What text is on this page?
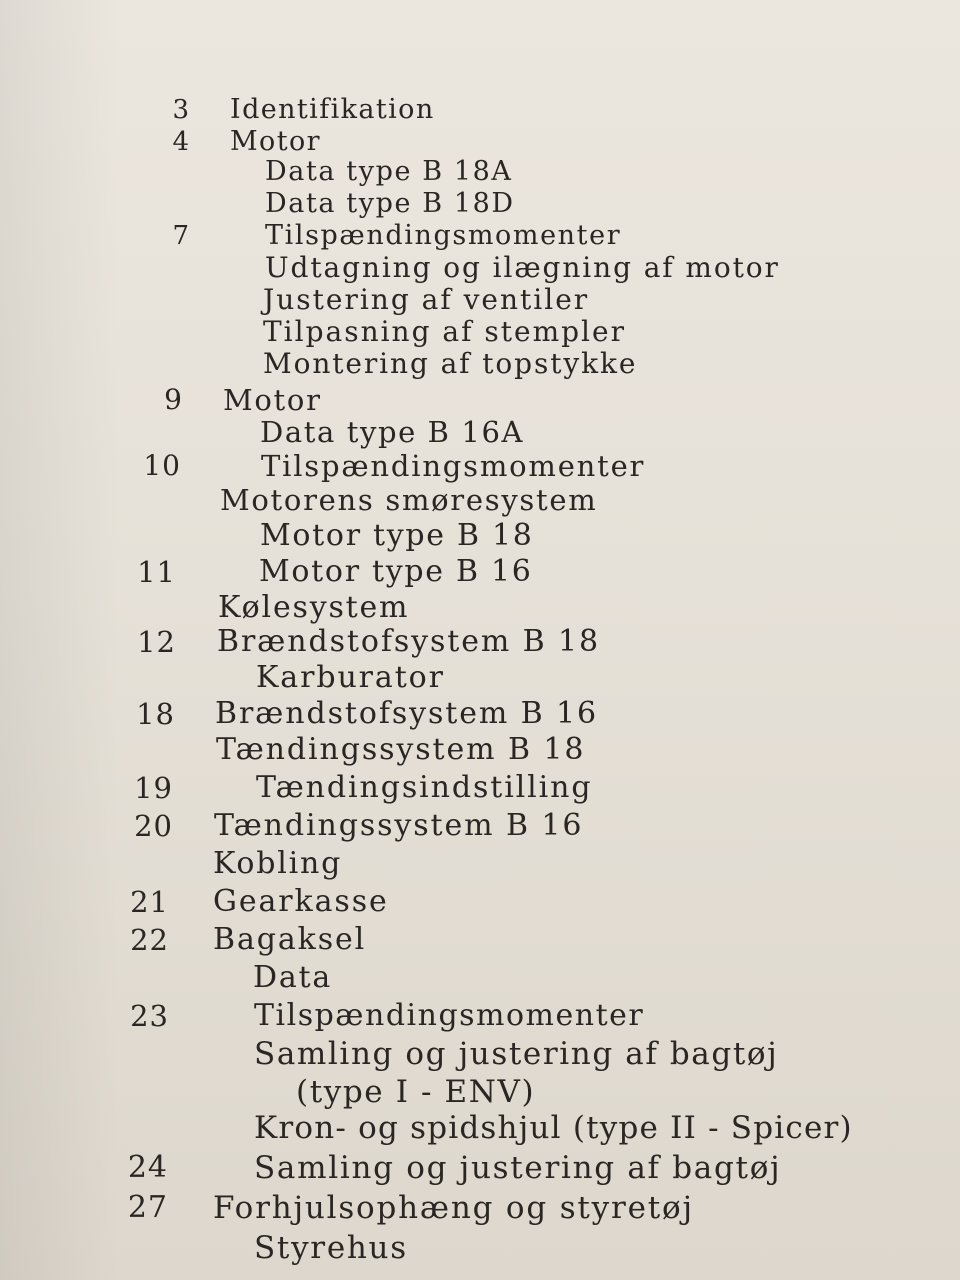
3 Identifikation
4 Motor
Data type B 18A
Data type B 18D
7	Tilspændingsmomenter
Udtagning og ilægning af motor
Justering af ventiler
Tilpasning af stempler
Montering af topstykke
9 Motor
Data type B 16A
10	Tilspændingsmomenter
Motorens smøresystem
Motor type B 18
11	Motor type B 16
Kølesystem
12 Brændstofsystem B 18
Karburator
18 Brændstofsystem B 16
Tændingssystem B 18
19	Tændingsindstilling
20 Tændingssystem B 16
Kobling
21 Gearkasse
22 Bagaksel
Data
23	Tilspændingsmomenter
Samling og justering af bagtøj
(type I - ENV)
Kron- og spidshjul (type II - Spicer)
24	Samling og justering af bagtøj
27 Forhjulsophæng og styretøj
Styrehus
